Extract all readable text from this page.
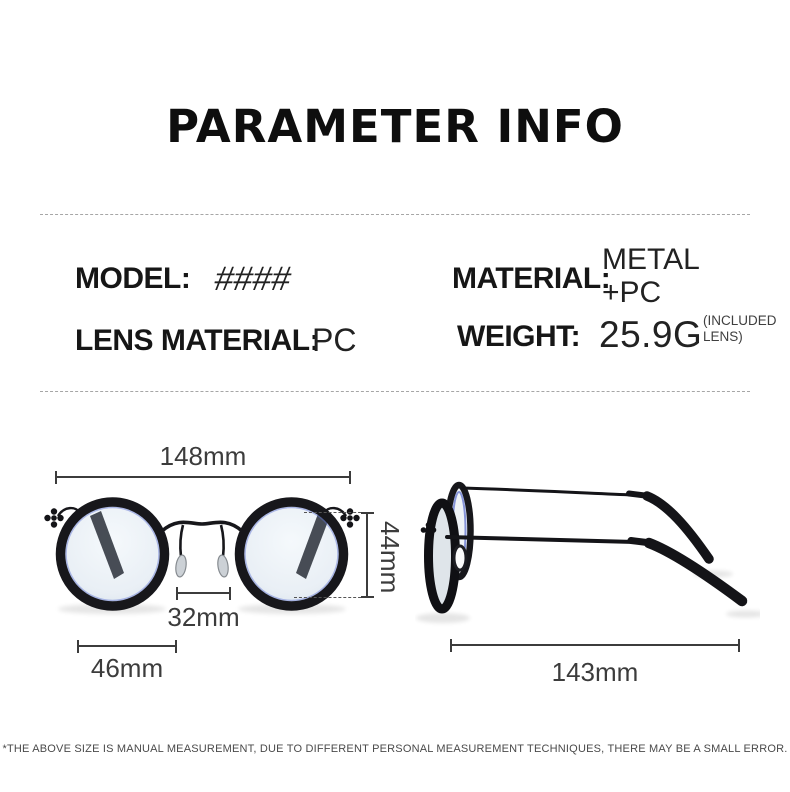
PARAMETER INFO
MODEL: ####	MATERIAL:
METAL
+PC
LENS MATERIAL:
PC	WEIGHT: 25.9G (INCLUDED
LENS)
148mm
44mm
32mm
46mm	143mm
*THE ABOVE SIZE IS MANUAL MEASUREMENT, DUE TO DIFFERENT PERSONAL MEASUREMENT TECHNIQUES, THERE MAY BE A SMALL ERROR.
